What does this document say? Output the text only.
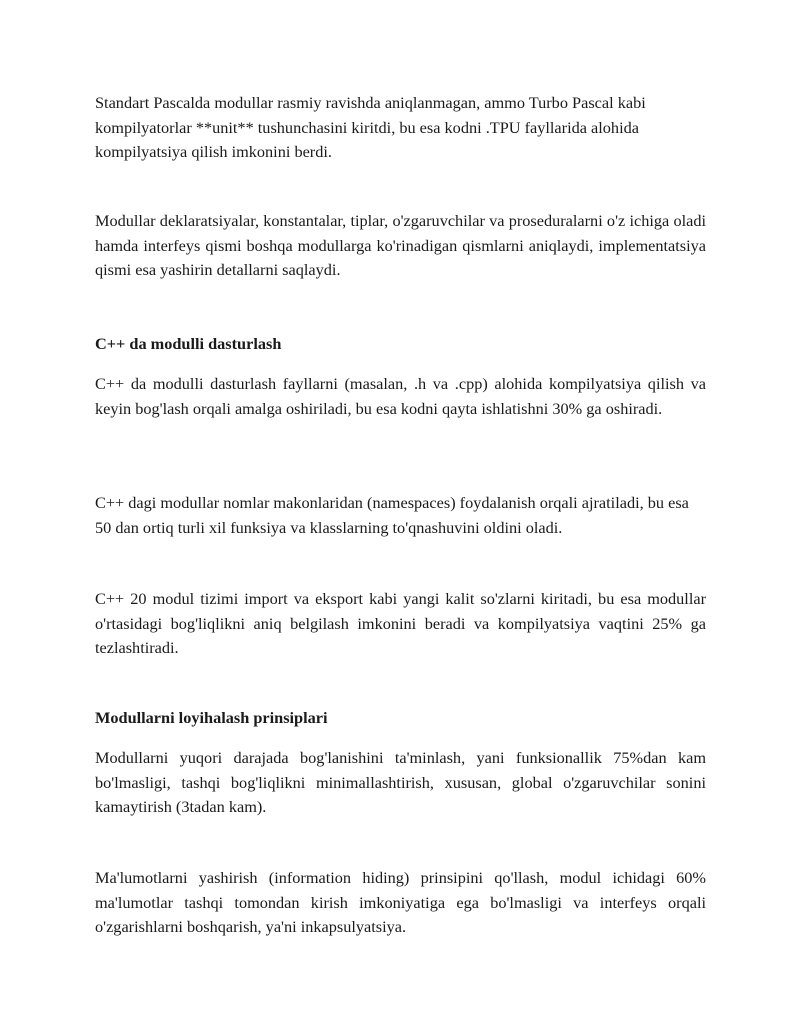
Standart Pascalda modullar rasmiy ravishda aniqlanmagan, ammo Turbo Pascal kabi kompilyatorlar **unit** tushunchasini kiritdi, bu esa kodni .TPU fayllarida alohida kompilyatsiya qilish imkonini berdi.

Modullar deklaratsiyalar, konstantalar, tiplar, o'zgaruvchilar va proseduralarni o'z ichiga oladi hamda interfeys qismi boshqa modullarga ko'rinadigan qismlarni aniqlaydi, implementatsiya qismi esa yashirin detallarni saqlaydi.

C++ da modulli dasturlash

C++ da modulli dasturlash fayllarni (masalan, .h va .cpp) alohida kompilyatsiya qilish va keyin bog'lash orqali amalga oshiriladi, bu esa kodni qayta ishlatishni 30% ga oshiradi.

C++ dagi modullar nomlar makonlaridan (namespaces) foydalanish orqali ajratiladi, bu esa 50 dan ortiq turli xil funksiya va klasslarning to'qnashuvini oldini oladi.

C++ 20 modul tizimi import va eksport kabi yangi kalit so'zlarni kiritadi, bu esa modullar o'rtasidagi bog'liqlikni aniq belgilash imkonini beradi va kompilyatsiya vaqtini 25% ga tezlashtiradi.

Modullarni loyihalash prinsiplari

Modullarni yuqori darajada bog'lanishini ta'minlash, yani funksionallik 75%dan kam bo'lmasligi, tashqi bog'liqlikni minimallashtirish, xususan, global o'zgaruvchilar sonini kamaytirish (3tadan kam).

Ma'lumotlarni yashirish (information hiding) prinsipini qo'llash, modul ichidagi 60% ma'lumotlar tashqi tomondan kirish imkoniyatiga ega bo'lmasligi va interfeys orqali o'zgarishlarni boshqarish, ya'ni inkapsulyatsiya.
